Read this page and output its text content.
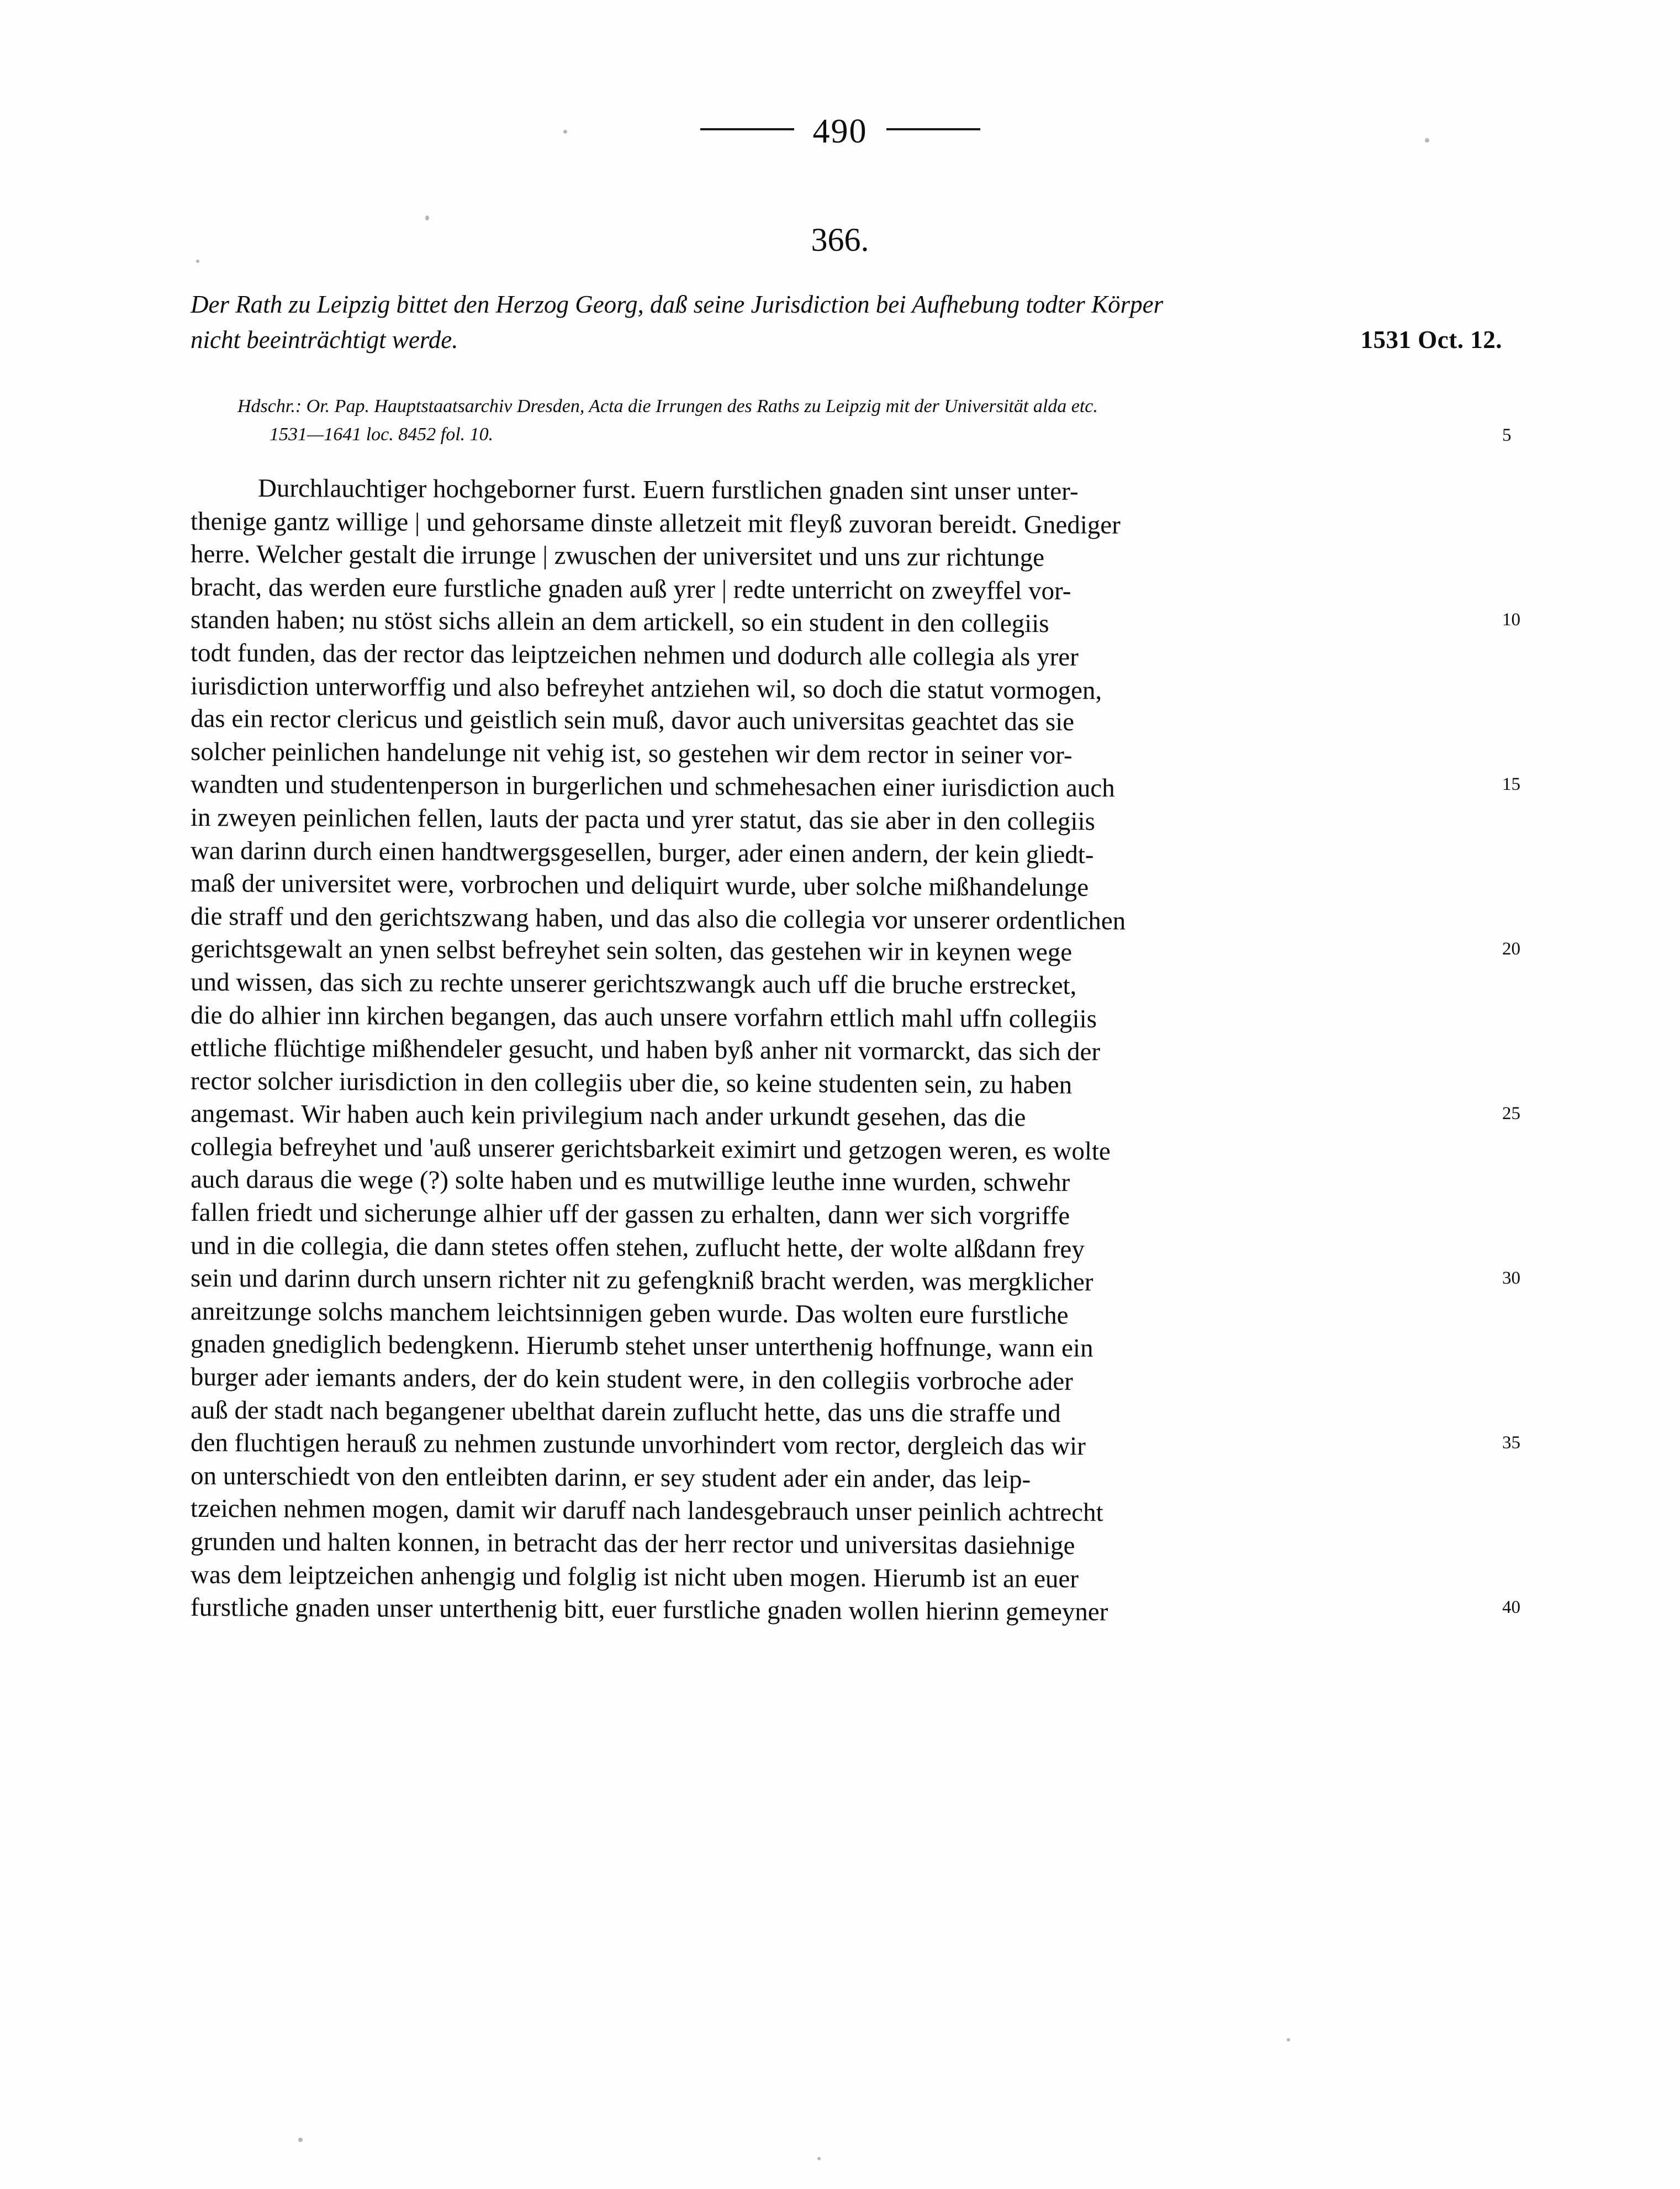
490
366.
Der Rath zu Leipzig bittet den Herzog Georg, daß seine Jurisdiction bei Aufhebung todter Körper
1531 Oct. 12.
nicht beeinträchtigt werde.
Hdschr.: Or. Pap. Hauptstaatsarchiv Dresden, Acta die Irrungen des Raths zu Leipzig mit der Universität alda etc.
1531—1641 loc. 8452 fol. 10.	5
Durchlauchtiger hochgeborner furst. Euern furstlichen gnaden sint unser unter-
thenige gantz willige | und gehorsame dinste alletzeit mit fleyß zuvoran bereidt. Gnediger
herre. Welcher gestalt die irrunge | zwuschen der universitet und uns zur richtunge
bracht, das werden eure furstliche gnaden auß yrer | redte unterricht on zweyffel vor-
standen haben; nu stöst sichs allein an dem artickell, so ein student in den collegiis	10
todt funden, das der rector das leiptzeichen nehmen und dodurch alle collegia als yrer
iurisdiction unterworffig und also befreyhet antziehen wil, so doch die statut vormogen,
das ein rector clericus und geistlich sein muß, davor auch universitas geachtet das sie
solcher peinlichen handelunge nit vehig ist, so gestehen wir dem rector in seiner vor-
wandten und studentenperson in burgerlichen und schmehesachen einer iurisdiction auch	15
in zweyen peinlichen fellen, lauts der pacta und yrer statut, das sie aber in den collegiis
wan darinn durch einen handtwergsgesellen, burger, ader einen andern, der kein gliedt-
maß der universitet were, vorbrochen und deliquirt wurde, uber solche mißhandelunge
die straff und den gerichtszwang haben, und das also die collegia vor unserer ordentlichen
gerichtsgewalt an ynen selbst befreyhet sein solten, das gestehen wir in keynen wege	20
und wissen, das sich zu rechte unserer gerichtszwangk auch uff die bruche erstrecket,
die do alhier inn kirchen begangen, das auch unsere vorfahrn ettlich mahl uffn collegiis
ettliche flüchtige mißhendeler gesucht, und haben byß anher nit vormarckt, das sich der
rector solcher iurisdiction in den collegiis uber die, so keine studenten sein, zu haben
angemast. Wir haben auch kein privilegium nach ander urkundt gesehen, das die	25
collegia befreyhet und 'auß unserer gerichtsbarkeit eximirt und getzogen weren, es wolte
auch daraus die wege (?) solte haben und es mutwillige leuthe inne wurden, schwehr
fallen friedt und sicherunge alhier uff der gassen zu erhalten, dann wer sich vorgriffe
und in die collegia, die dann stetes offen stehen, zuflucht hette, der wolte alßdann frey
sein und darinn durch unsern richter nit zu gefengkniß bracht werden, was mergklicher	30
anreitzunge solchs manchem leichtsinnigen geben wurde. Das wolten eure furstliche
gnaden gnediglich bedengkenn. Hierumb stehet unser unterthenig hoffnunge, wann ein
burger ader iemants anders, der do kein student were, in den collegiis vorbroche ader
auß der stadt nach begangener ubelthat darein zuflucht hette, das uns die straffe und
den fluchtigen herauß zu nehmen zustunde unvorhindert vom rector, dergleich das wir	35
on unterschiedt von den entleibten darinn, er sey student ader ein ander, das leip-
tzeichen nehmen mogen, damit wir daruff nach landesgebrauch unser peinlich achtrecht
grunden und halten konnen, in betracht das der herr rector und universitas dasiehnige
was dem leiptzeichen anhengig und folglig ist nicht uben mogen. Hierumb ist an euer
furstliche gnaden unser unterthenig bitt, euer furstliche gnaden wollen hierinn gemeyner	40
